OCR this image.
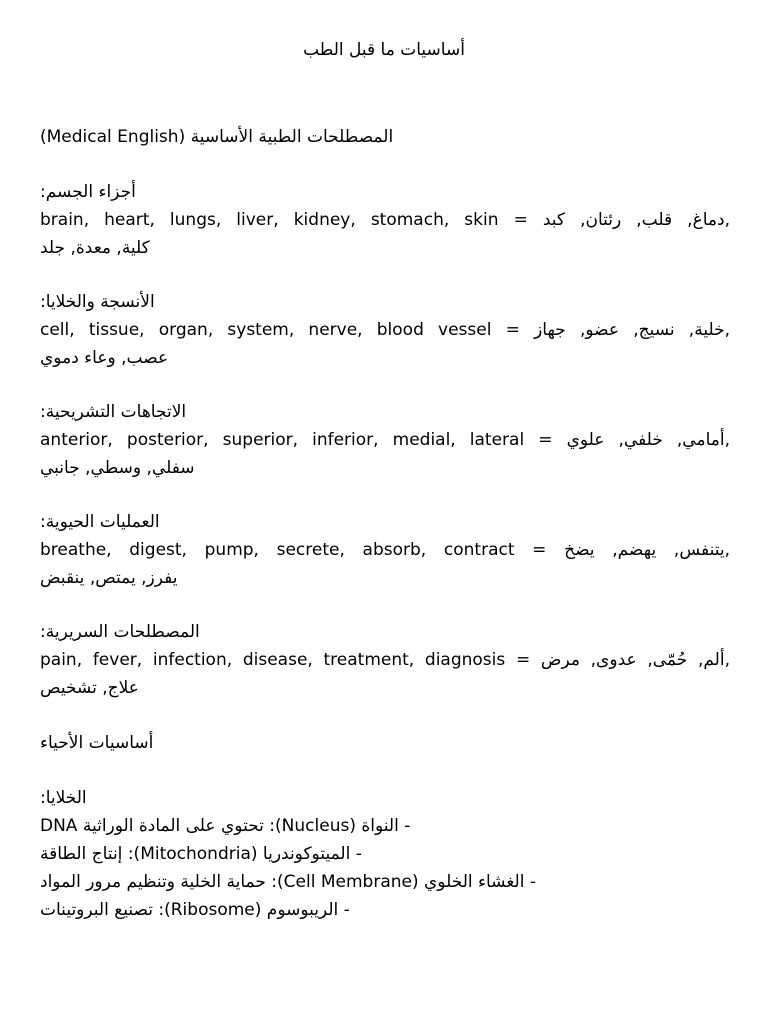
أساسيات ما قبل الطب
المصطلحات الطبية الأساسية (Medical English)
أجزاء الجسم:
brain, heart, lungs, liver, kidney, stomach, skin = دماغ, قلب, رئتان, كبد,
كلية, معدة, جلد
الأنسجة والخلايا:
cell, tissue, organ, system, nerve, blood vessel = خلية, نسيج, عضو, جهاز,
عصب, وعاء دموي
الاتجاهات التشريحية:
anterior, posterior, superior, inferior, medial, lateral = أمامي, خلفي, علوي,
سفلي, وسطي, جانبي
العمليات الحيوية:
breathe, digest, pump, secrete, absorb, contract = يتنفس, يهضم, يضخ,
يفرز, يمتص, ينقبض
المصطلحات السريرية:
pain, fever, infection, disease, treatment, diagnosis = ألم, حُمّى, عدوى, مرض,
علاج, تشخيص
أساسيات الأحياء
الخلايا:
- النواة (Nucleus): تحتوي على المادة الوراثية DNA
- الميتوكوندريا (Mitochondria): إنتاج الطاقة
- الغشاء الخلوي (Cell Membrane): حماية الخلية وتنظيم مرور المواد
- الريبوسوم (Ribosome): تصنيع البروتينات
